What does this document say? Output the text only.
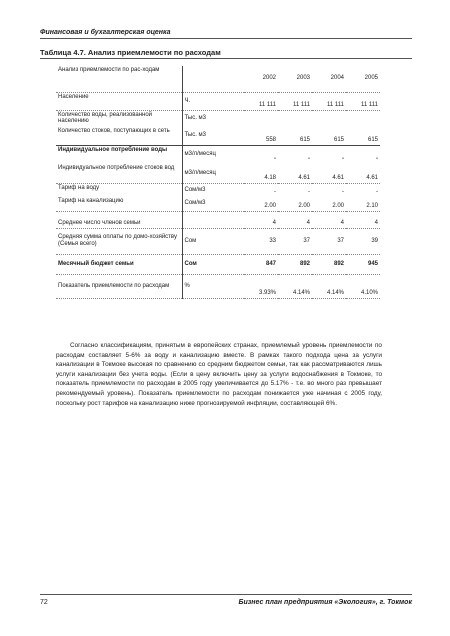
Финансовая и бухгалтерская оценка
Таблица 4.7. Анализ приемлемости по расходам
Анализ приемлемости по рас-ходам		2002	2003	2004	2005
Население	Ч.	11 111	11 111	11 111	11 111
Количество воды, реализованной населению	Тыс. м3				
Количество стоков, поступающих в сеть	Тыс. м3	558	615	615	615
Индивидуальное потребление воды	м3/л/месяц	-	-	-	-
Индивидуальное потребление стоков вод	м3/л/месяц	4.18	4.61	4.61	4.61
Тариф на воду	Сом/м3	-	-	-	-
Тариф на канализацию	Сом/м3	2.00	2.00	2.00	2.10
Среднее число членов семьи		4	4	4	4
Средняя сумма оплаты по домо-хозяйству (Семья всего)	Сом	33	37	37	39
Месячный бюджет семьи	Сом	847	892	892	945
Показатель приемлемости по расходам	%	3.93%	4.14%	4.14%	4.10%
Согласно классификациям, принятым в европейских странах, приемлемый уровень приемлемости по расходам составляет 5-6% за воду и канализацию вместе. В рамках такого подхода цена за услуги канализации в Токмоке высокая по сравнению со средним бюджетом семьи, так как рассматриваются лишь услуги канализации без учета воды. (Если в цену включить цену за услуги водоснабжения в Токмоке, то показатель приемлемости по расходам в 2005 году увеличивается до 5.17% - т.е. во много раз превышает рекомендуемый уровень). Показатель приемлемости по расходам понижается уже начиная с 2005 году, поскольку рост тарифов на канализацию ниже прогнозируемой инфляции, составляющей 6%.
72	Бизнес план предприятия «Экология», г. Токмок
